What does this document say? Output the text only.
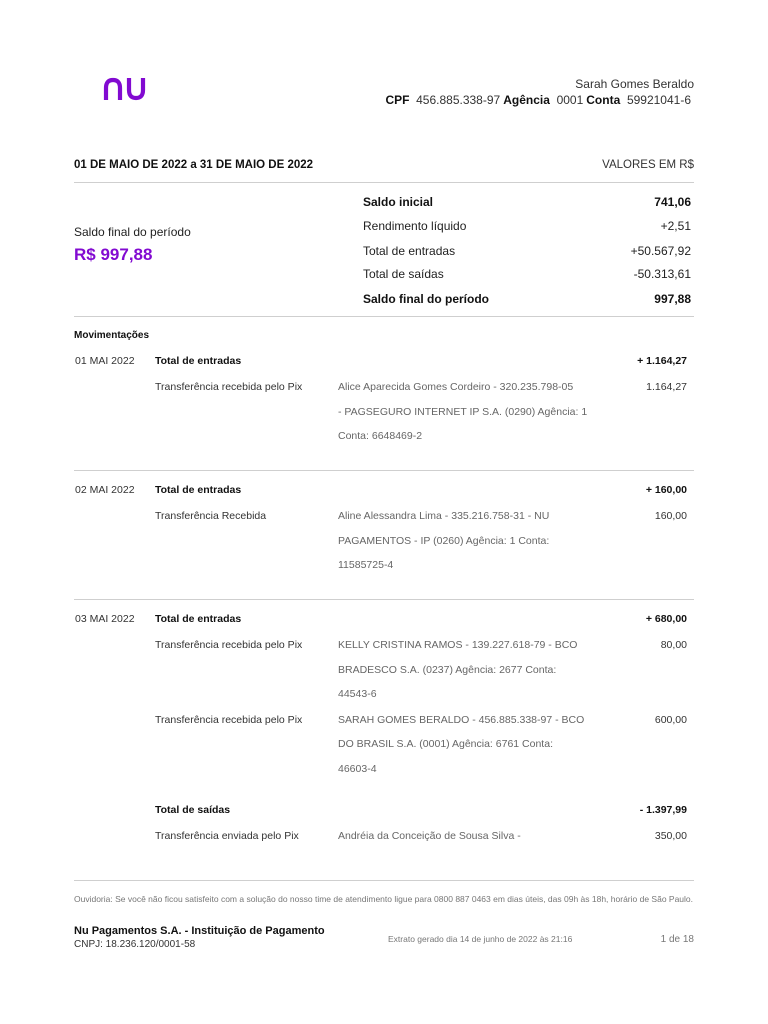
Sarah Gomes Beraldo
CPF 456.885.338-97 Agência 0001 Conta 59921041-6
01 DE MAIO DE 2022 a 31 DE MAIO DE 2022	VALORES EM R$
Saldo final do período
R$ 997,88
Saldo inicial	741,06
Rendimento líquido	+2,51
Total de entradas	+50.567,92
Total de saídas	-50.313,61
Saldo final do período	997,88
Movimentações
01 MAI 2022 Total de entradas	+ 1.164,27
Transferência recebida pelo Pix	1.164,27
Alice Aparecida Gomes Cordeiro - 320.235.798-05
- PAGSEGURO INTERNET IP S.A. (0290) Agência: 1
Conta: 6648469-2
02 MAI 2022 Total de entradas	+ 160,00
Transferência Recebida	160,00
Aline Alessandra Lima - 335.216.758-31 - NU
PAGAMENTOS - IP (0260) Agência: 1 Conta:
11585725-4
03 MAI 2022 Total de entradas	+ 680,00
Transferência recebida pelo Pix	80,00
KELLY CRISTINA RAMOS - 139.227.618-79 - BCO
BRADESCO S.A. (0237) Agência: 2677 Conta:
44543-6
Transferência recebida pelo Pix	600,00
SARAH GOMES BERALDO - 456.885.338-97 - BCO
DO BRASIL S.A. (0001) Agência: 6761 Conta:
46603-4
Total de saídas	- 1.397,99
Transferência enviada pelo Pix	350,00
Andréia da Conceição de Sousa Silva -
Ouvidoria: Se você não ficou satisfeito com a solução do nosso time de atendimento ligue para 0800 887 0463 em dias úteis, das 09h às 18h, horário de São Paulo.
Nu Pagamentos S.A. - Instituição de Pagamento
CNPJ: 18.236.120/0001-58	Extrato gerado dia 14 de junho de 2022 às 21:16	1 de 18
